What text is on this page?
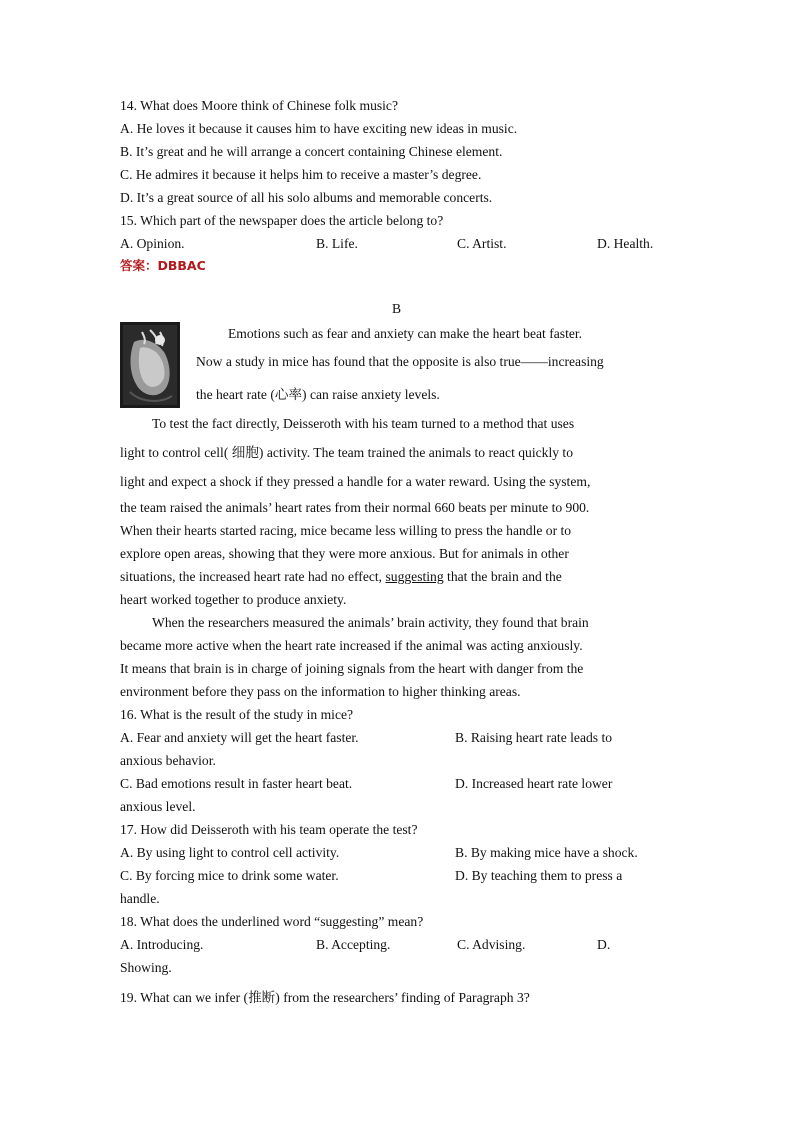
14. What does Moore think of Chinese folk music?
A. He loves it because it causes him to have exciting new ideas in music.
B. It’s great and he will arrange a concert containing Chinese element.
C. He admires it because it helps him to receive a master’s degree.
D. It’s a great source of all his solo albums and memorable concerts.
15. Which part of the newspaper does the article belong to?
A. Opinion.	B. Life.	C. Artist.	D. Health.
答案：DBBAC
B
Emotions such as fear and anxiety can make the heart beat faster.
Now a study in mice has found that the opposite is also true——increasing
the heart rate (心率) can raise anxiety levels.
To test the fact directly, Deisseroth with his team turned to a method that uses
light to control cell( 细胞) activity. The team trained the animals to react quickly to
light and expect a shock if they pressed a handle for a water reward. Using the system,
the team raised the animals’ heart rates from their normal 660 beats per minute to 900.
When their hearts started racing, mice became less willing to press the handle or to
explore open areas, showing that they were more anxious. But for animals in other
situations, the increased heart rate had no effect, suggesting that the brain and the
heart worked together to produce anxiety.
When the researchers measured the animals’ brain activity, they found that brain
became more active when the heart rate increased if the animal was acting anxiously.
It means that brain is in charge of joining signals from the heart with danger from the
environment before they pass on the information to higher thinking areas.
16. What is the result of the study in mice?
A. Fear and anxiety will get the heart faster.	B. Raising heart rate leads to
anxious behavior.
C. Bad emotions result in faster heart beat.	D. Increased heart rate lower
anxious level.
17. How did Deisseroth with his team operate the test?
A. By using light to control cell activity.	B. By making mice have a shock.
C. By forcing mice to drink some water.	D. By teaching them to press a
handle.
18. What does the underlined word “suggesting” mean?
A. Introducing.	B. Accepting.	C. Advising.	D.
Showing.
19. What can we infer (推断) from the researchers’ finding of Paragraph 3?
